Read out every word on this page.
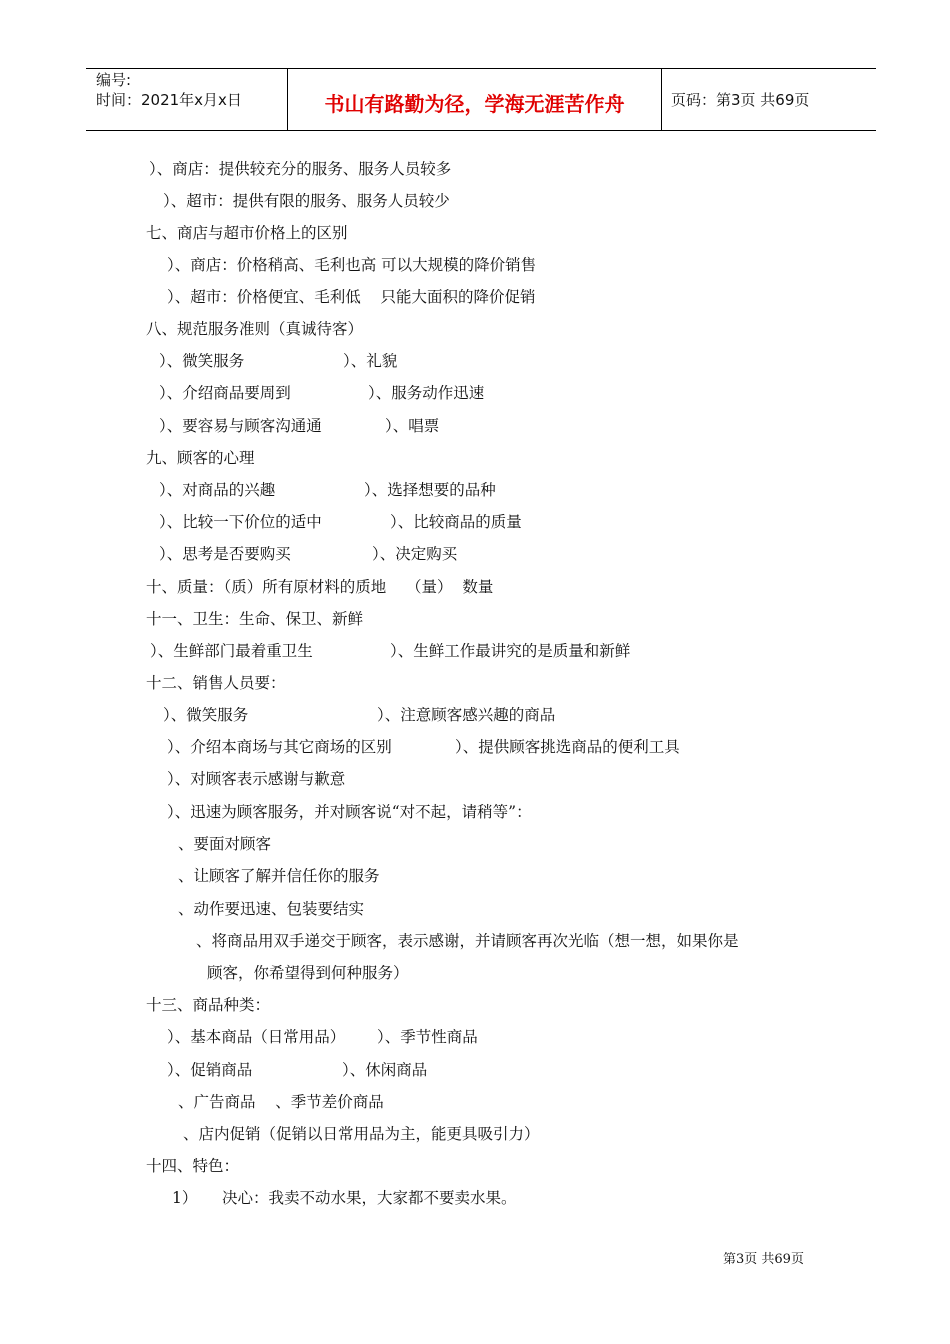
编号:
时间：2021年x月x日	书山有路勤为径，学海无涯苦作舟	页码：第3页 共69页
）、商店：提供较充分的服务、服务人员较多
）、超市：提供有限的服务、服务人员较少
七、商店与超市价格上的区别
）、商店：价格稍高、毛利也高 可以大规模的降价销售
）、超市：价格便宜、毛利低    只能大面积的降价促销
八、规范服务准则（真诚待客）
）、微笑服务	）、礼貌
）、介绍商品要周到	）、服务动作迅速
）、要容易与顾客沟通通	）、唱票
九、顾客的心理
）、对商品的兴趣	）、选择想要的品种
）、比较一下价位的适中	）、比较商品的质量
）、思考是否要购买	）、决定购买
十、质量：（质）所有原材料的质地    （量）  数量
十一、卫生：生命、保卫、新鲜
）、生鲜部门最着重卫生	）、生鲜工作最讲究的是质量和新鲜
十二、销售人员要：
）、微笑服务	）、注意顾客感兴趣的商品
）、介绍本商场与其它商场的区别	）、提供顾客挑选商品的便利工具
）、对顾客表示感谢与歉意
）、迅速为顾客服务，并对顾客说“对不起，请稍等”：
、要面对顾客
、让顾客了解并信任你的服务
、动作要迅速、包装要结实
、将商品用双手递交于顾客，表示感谢，并请顾客再次光临（想一想，如果你是
顾客，你希望得到何种服务）
十三、商品种类：
）、基本商品（日常用品） ）、季节性商品
）、促销商品	）、休闲商品
、广告商品    、季节差价商品
、店内促销（促销以日常用品为主，能更具吸引力）
十四、特色：
1）     决心：我卖不动水果，大家都不要卖水果。
第3页 共69页
